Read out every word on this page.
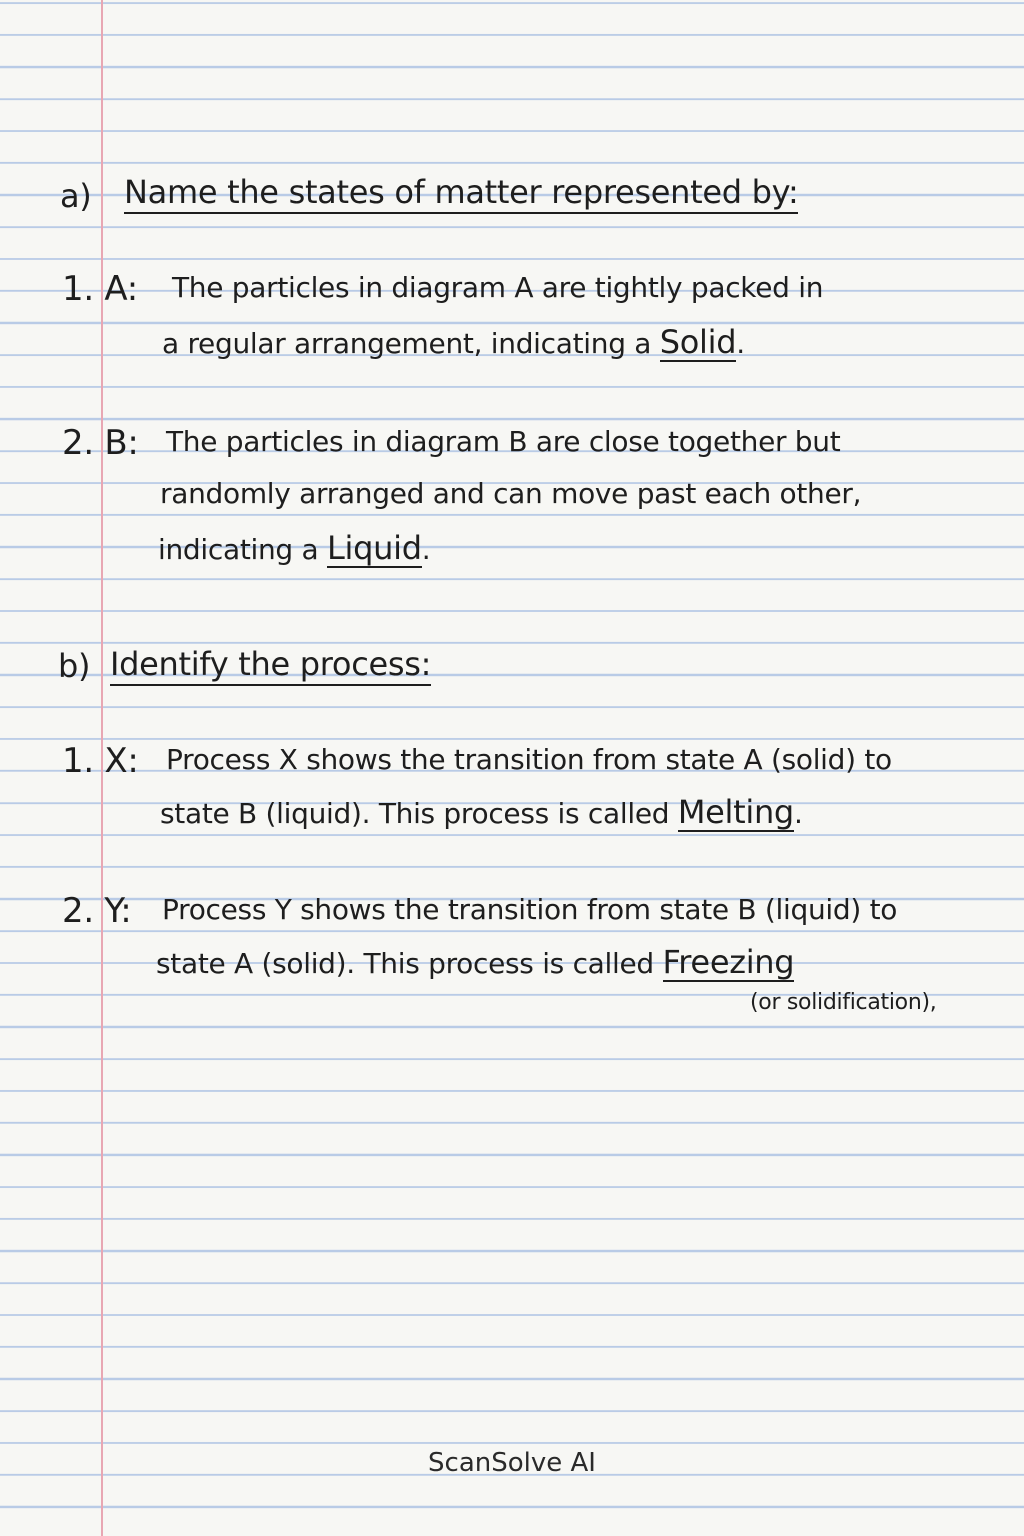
a) Name the states of matter represented by:
1. A: The particles in diagram A are tightly packed in
a regular arrangement, indicating a Solid.
2. B: The particles in diagram B are close together but
randomly arranged and can move past each other,
indicating a Liquid.
b) Identify the process:
1. X: Process X shows the transition from state A (solid) to
state B (liquid). This process is called Melting.
2. Y: Process Y shows the transition from state B (liquid) to
state A (solid). This process is called Freezing
(or solidification),
ScanSolve AI
